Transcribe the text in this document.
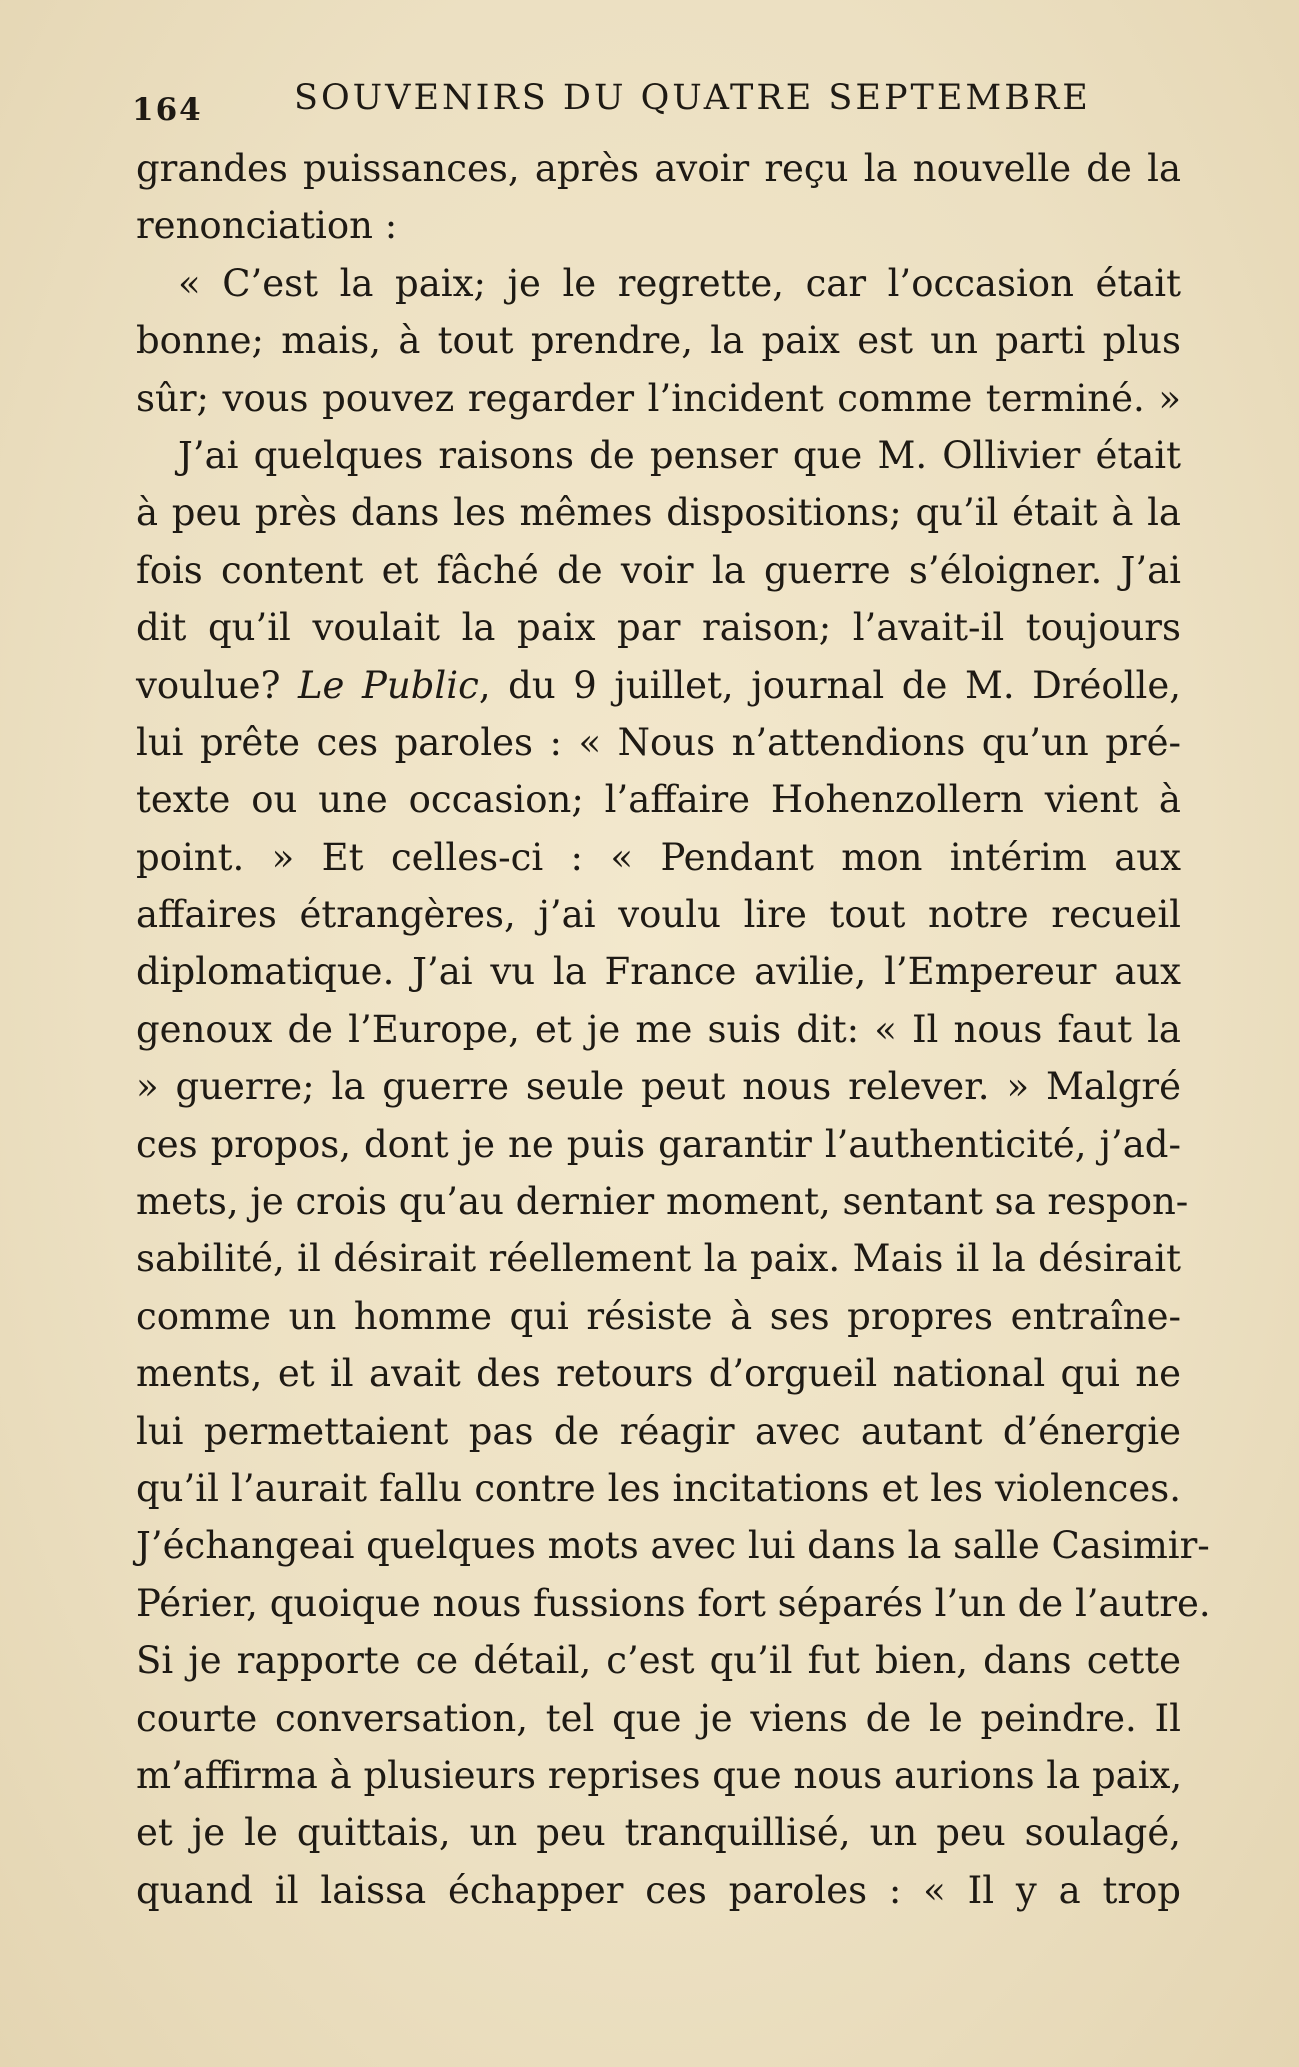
164	SOUVENIRS DU QUATRE SEPTEMBRE
grandes puissances, après avoir reçu la nouvelle de la
renonciation :
« C’est la paix; je le regrette, car l’occasion était
bonne; mais, à tout prendre, la paix est un parti plus
sûr; vous pouvez regarder l’incident comme terminé. »
J’ai quelques raisons de penser que M. Ollivier était
à peu près dans les mêmes dispositions; qu’il était à la
fois content et fâché de voir la guerre s’éloigner. J’ai
dit qu’il voulait la paix par raison; l’avait-il toujours
voulue? Le Public, du 9 juillet, journal de M. Dréolle,
lui prête ces paroles : « Nous n’attendions qu’un pré-
texte ou une occasion; l’affaire Hohenzollern vient à
point. » Et celles-ci : « Pendant mon intérim aux
affaires étrangères, j’ai voulu lire tout notre recueil
diplomatique. J’ai vu la France avilie, l’Empereur aux
genoux de l’Europe, et je me suis dit: « Il nous faut la
» guerre; la guerre seule peut nous relever. » Malgré
ces propos, dont je ne puis garantir l’authenticité, j’ad-
mets, je crois qu’au dernier moment, sentant sa respon-
sabilité, il désirait réellement la paix. Mais il la désirait
comme un homme qui résiste à ses propres entraîne-
ments, et il avait des retours d’orgueil national qui ne
lui permettaient pas de réagir avec autant d’énergie
qu’il l’aurait fallu contre les incitations et les violences.
J’échangeai quelques mots avec lui dans la salle Casimir-
Périer, quoique nous fussions fort séparés l’un de l’autre.
Si je rapporte ce détail, c’est qu’il fut bien, dans cette
courte conversation, tel que je viens de le peindre. Il
m’affirma à plusieurs reprises que nous aurions la paix,
et je le quittais, un peu tranquillisé, un peu soulagé,
quand il laissa échapper ces paroles : « Il y a trop
